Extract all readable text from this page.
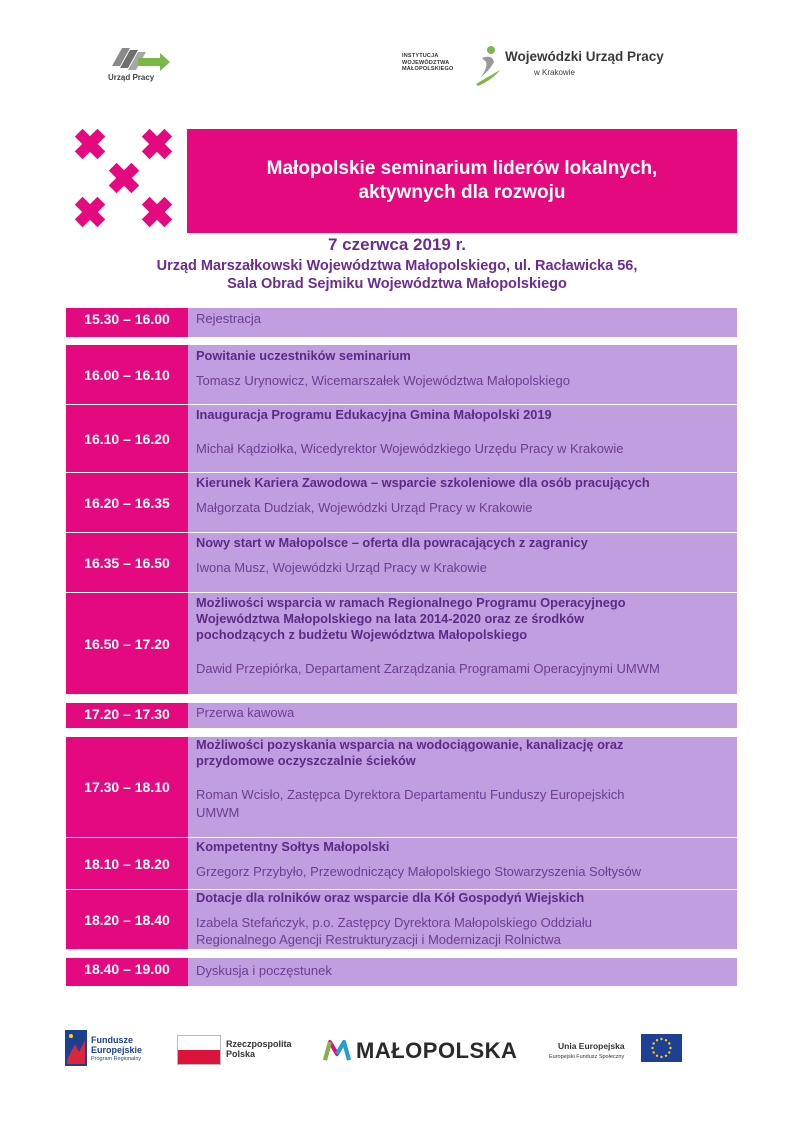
Urząd Pracy
INSTYTUCJA
WOJEWÓDZTWA
MAŁOPOLSKIEGO
Wojewódzki Urząd Pracy
w Krakowie
Małopolskie seminarium liderów lokalnych,
aktywnych dla rozwoju
7 czerwca 2019 r.
Urząd Marszałkowski Województwa Małopolskiego, ul. Racławicka 56,
Sala Obrad Sejmiku Województwa Małopolskiego
15.30 – 16.00	Rejestracja
16.00 – 16.10
Powitanie uczestników seminarium
Tomasz Urynowicz, Wicemarszałek Województwa Małopolskiego
16.10 – 16.20
Inauguracja Programu Edukacyjna Gmina Małopolski 2019
Michał Kądziołka, Wicedyrektor Wojewódzkiego Urzędu Pracy w Krakowie
16.20 – 16.35
Kierunek Kariera Zawodowa – wsparcie szkoleniowe dla osób pracujących
Małgorzata Dudziak, Wojewódzki Urząd Pracy w Krakowie
16.35 – 16.50
Nowy start w Małopolsce – oferta dla powracających z zagranicy
Iwona Musz, Wojewódzki Urząd Pracy w Krakowie
16.50 – 17.20
Możliwości wsparcia w ramach Regionalnego Programu Operacyjnego
Województwa Małopolskiego na lata 2014-2020 oraz ze środków
pochodzących z budżetu Województwa Małopolskiego
Dawid Przepiórka, Departament Zarządzania Programami Operacyjnymi UMWM
17.20 – 17.30	Przerwa kawowa
17.30 – 18.10
Możliwości pozyskania wsparcia na wodociągowanie, kanalizację oraz
przydomowe oczyszczalnie ścieków
Roman Wcisło, Zastępca Dyrektora Departamentu Funduszy Europejskich
UMWM
18.10 – 18.20
Kompetentny Sołtys Małopolski
Grzegorz Przybyło, Przewodniczący Małopolskiego Stowarzyszenia Sołtysów
18.20 – 18.40
Dotacje dla rolników oraz wsparcie dla Kół Gospodyń Wiejskich
Izabela Stefańczyk, p.o. Zastępcy Dyrektora Małopolskiego Oddziału
Regionalnego Agencji Restrukturyzacji i Modernizacji Rolnictwa
18.40 – 19.00	Dyskusja i poczęstunek
Fundusze
Europejskie
Program Regionalny
Rzeczpospolita
Polska	MAŁOPOLSKA	Unia Europejska
Europejski Fundusz Społeczny
